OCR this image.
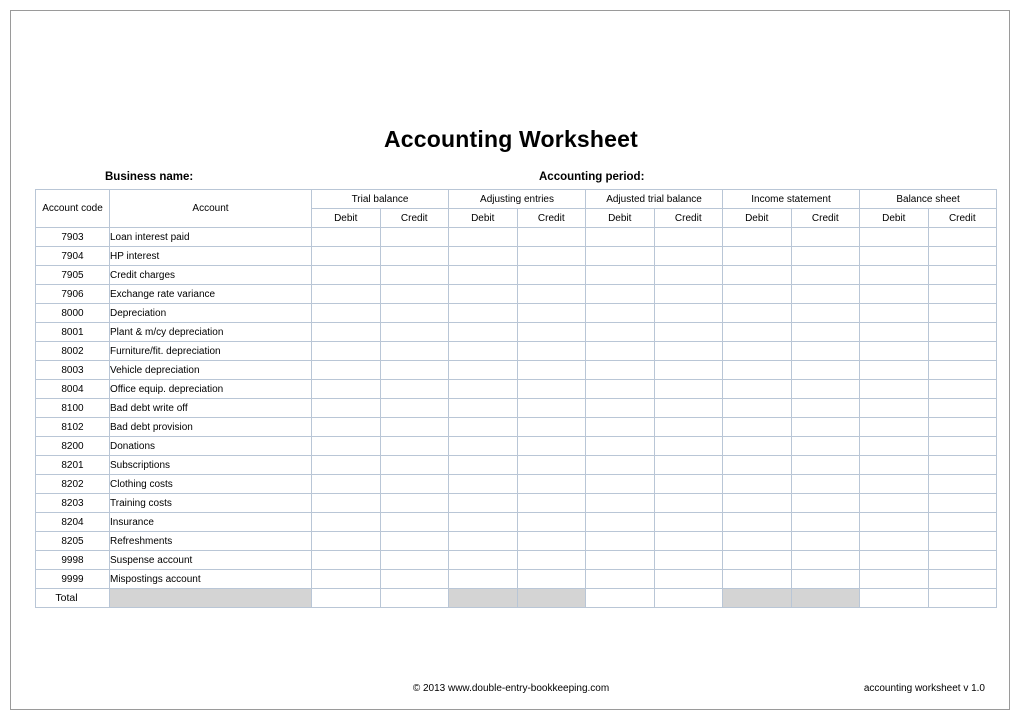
Accounting Worksheet
Business name:	Accounting period:
Account code	Account	Trial balance		Adjusting entries		Adjusted trial balance		Income statement		Balance sheet	
		Debit	Credit	Debit	Credit	Debit	Credit	Debit	Credit	Debit	Credit
7903	Loan interest paid										
7904	HP interest										
7905	Credit charges										
7906	Exchange rate variance										
8000	Depreciation										
8001	Plant & m/cy depreciation										
8002	Furniture/fit. depreciation										
8003	Vehicle depreciation										
8004	Office equip. depreciation										
8100	Bad debt write off										
8102	Bad debt provision										
8200	Donations										
8201	Subscriptions										
8202	Clothing costs										
8203	Training costs										
8204	Insurance										
8205	Refreshments										
9998	Suspense account										
9999	Mispostings account										
Total											
© 2013 www.double-entry-bookkeeping.com	accounting worksheet v 1.0
